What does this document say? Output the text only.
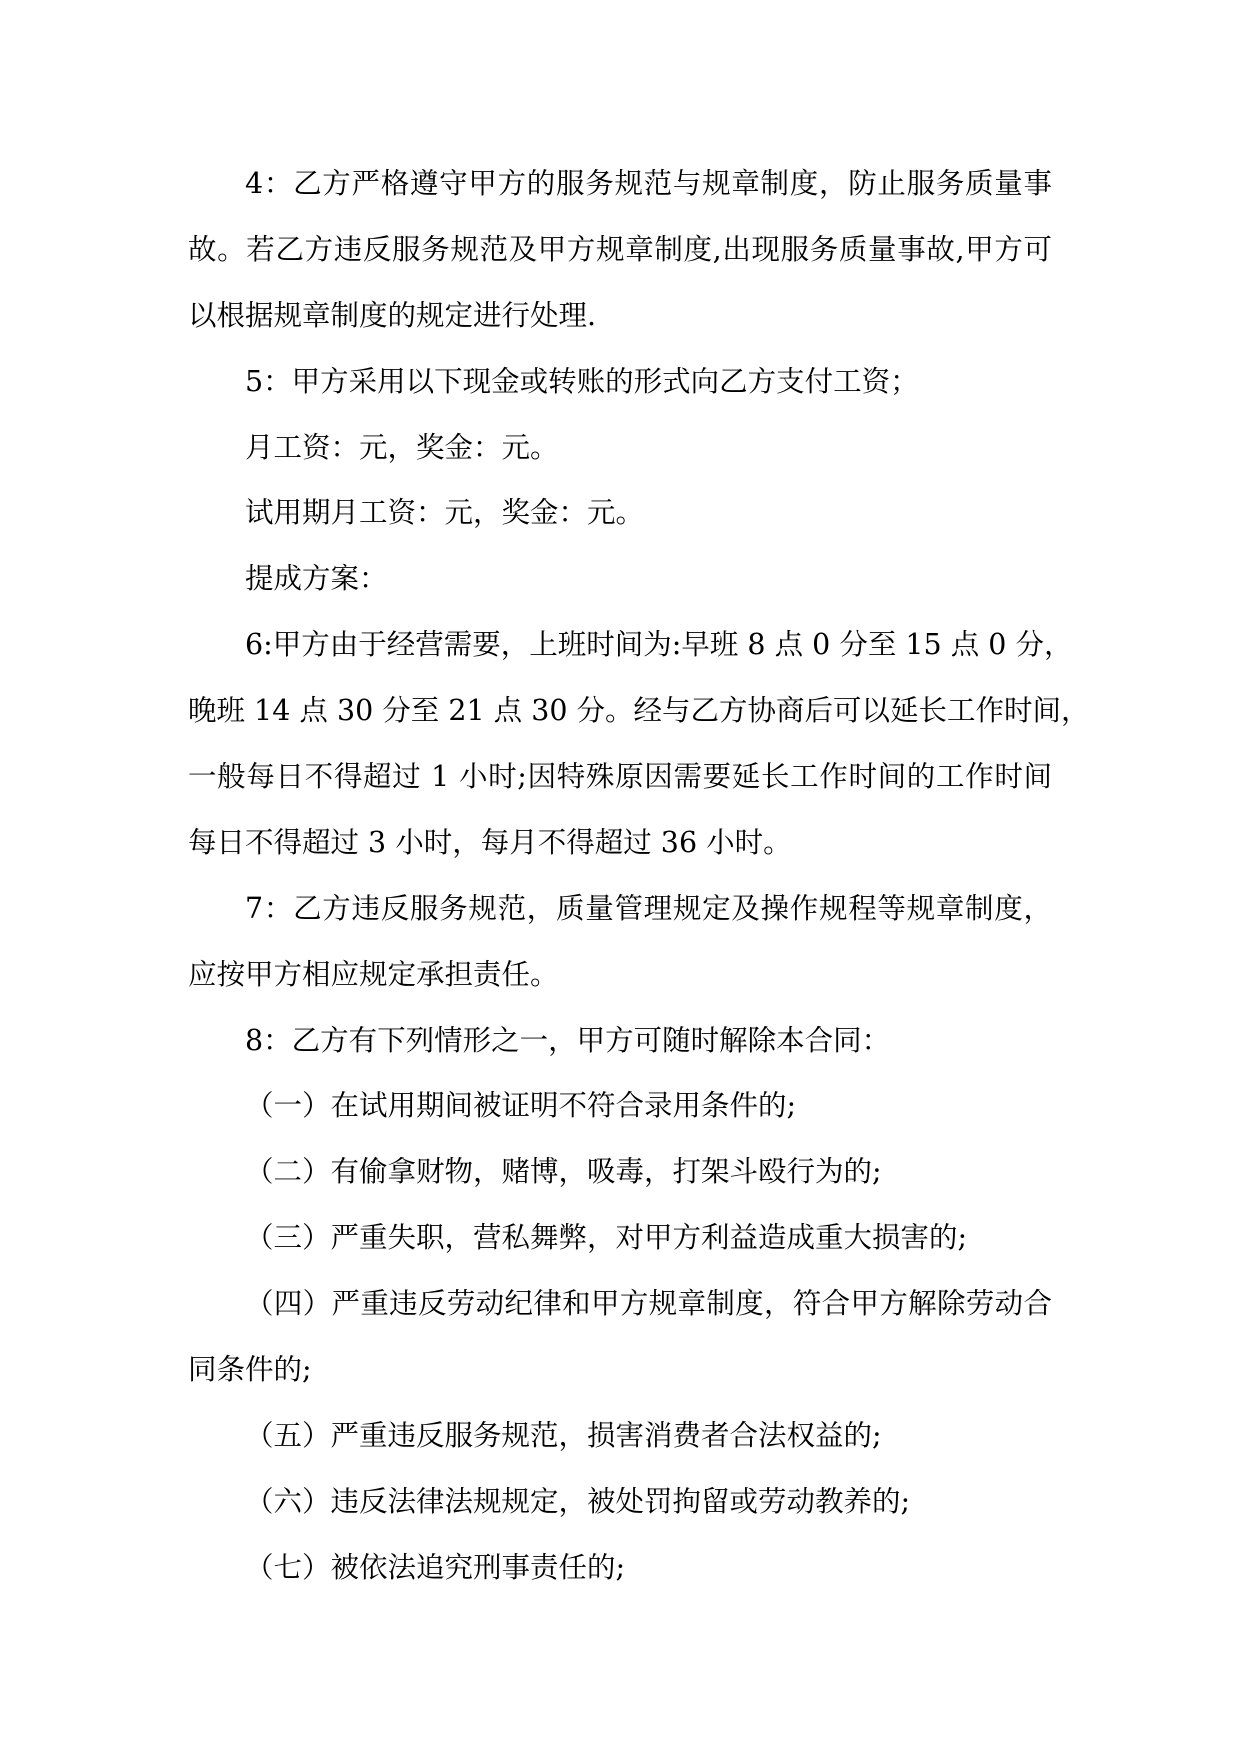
4：乙方严格遵守甲方的服务规范与规章制度，防止服务质量事
故。若乙方违反服务规范及甲方规章制度,出现服务质量事故,甲方可
以根据规章制度的规定进行处理.
5：甲方采用以下现金或转账的形式向乙方支付工资；
月工资：元，奖金：元。
试用期月工资：元，奖金：元。
提成方案：
6:甲方由于经营需要，上班时间为:早班 8 点 0 分至 15 点 0 分，
晚班 14 点 30 分至 21 点 30 分。经与乙方协商后可以延长工作时间，
一般每日不得超过 1 小时;因特殊原因需要延长工作时间的工作时间
每日不得超过 3 小时，每月不得超过 36 小时。
7：乙方违反服务规范，质量管理规定及操作规程等规章制度，
应按甲方相应规定承担责任。
8：乙方有下列情形之一，甲方可随时解除本合同：
（一）在试用期间被证明不符合录用条件的;
（二）有偷拿财物，赌博，吸毒，打架斗殴行为的;
（三）严重失职，营私舞弊，对甲方利益造成重大损害的;
（四）严重违反劳动纪律和甲方规章制度，符合甲方解除劳动合
同条件的;
（五）严重违反服务规范，损害消费者合法权益的;
（六）违反法律法规规定，被处罚拘留或劳动教养的;
（七）被依法追究刑事责任的;
